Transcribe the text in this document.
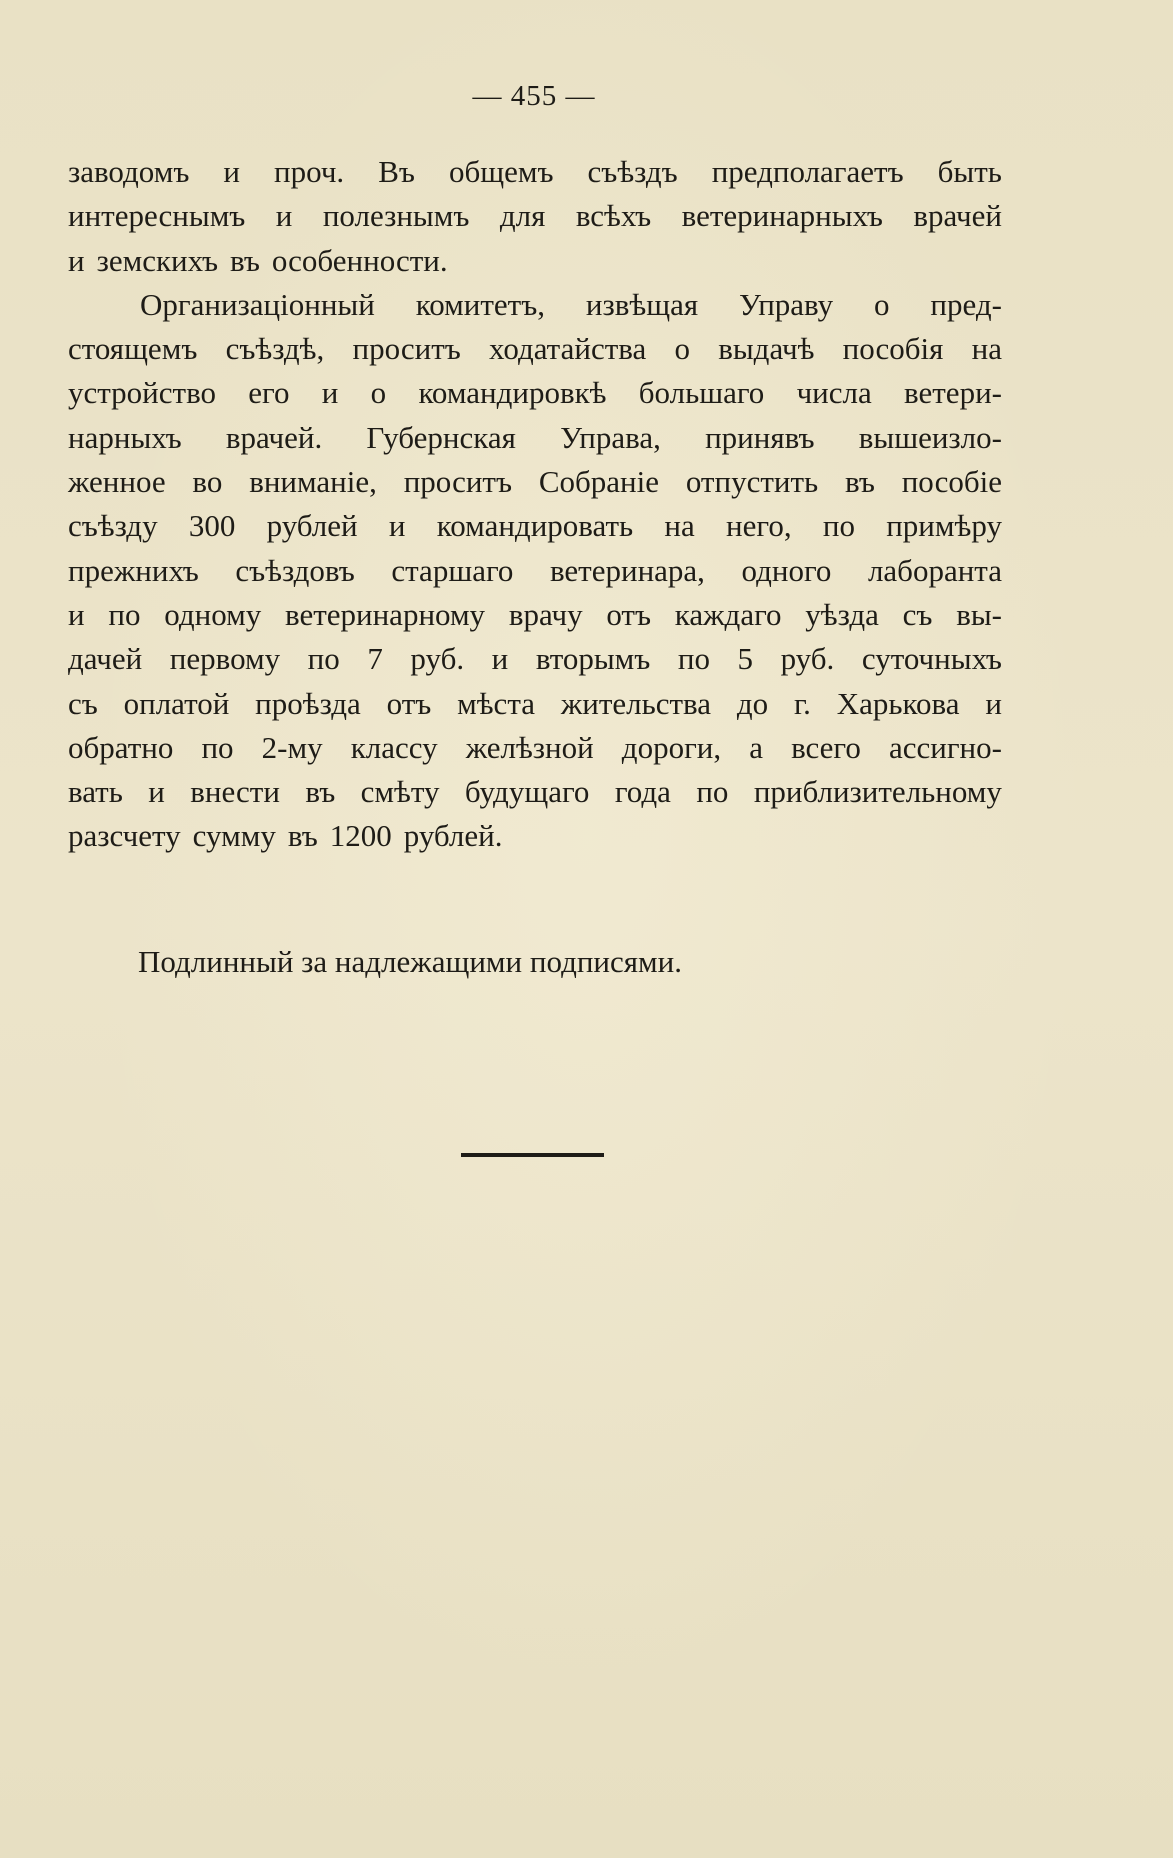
— 455 —
заводомъ и проч. Въ общемъ съѣздъ предполагаетъ быть
интереснымъ и полезнымъ для всѣхъ ветеринарныхъ врачей
и земскихъ въ особенности.
Организаціонный комитетъ, извѣщая Управу о пред-
стоящемъ съѣздѣ, проситъ ходатайства о выдачѣ пособія на
устройство его и о командировкѣ большаго числа ветери-
нарныхъ врачей. Губернская Управа, принявъ вышеизло-
женное во вниманіе, проситъ Собраніе отпустить въ пособіе
съѣзду 300 рублей и командировать на него, по примѣру
прежнихъ съѣздовъ старшаго ветеринара, одного лаборанта
и по одному ветеринарному врачу отъ каждаго уѣзда съ вы-
дачей первому по 7 руб. и вторымъ по 5 руб. суточныхъ
съ оплатой проѣзда отъ мѣста жительства до г. Харькова и
обратно по 2-му классу желѣзной дороги, а всего ассигно-
вать и внести въ смѣту будущаго года по приблизительному
разсчету сумму въ 1200 рублей.
Подлинный за надлежащими подписями.
